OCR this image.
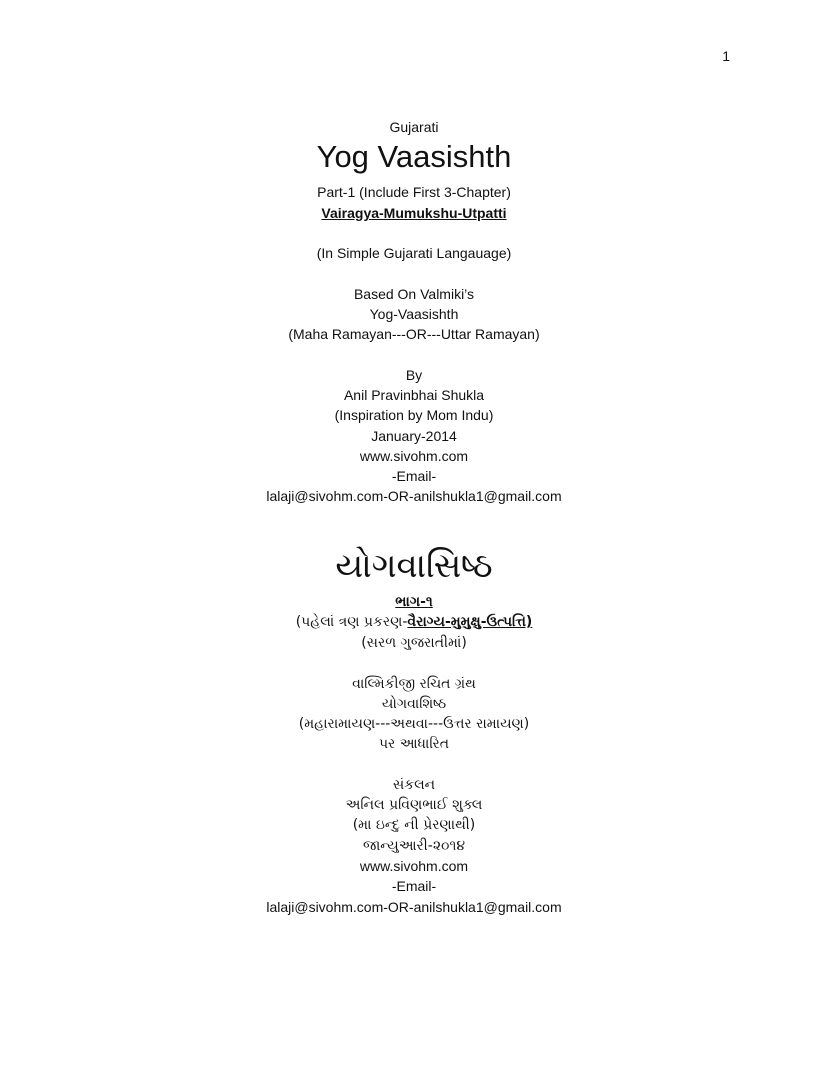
1
Gujarati
Yog Vaasishth
Part-1 (Include First 3-Chapter)
Vairagya-Mumukshu-Utpatti
(In Simple Gujarati Langauage)
Based On Valmiki’s
Yog-Vaasishth
(Maha Ramayan---OR---Uttar Ramayan)
By
Anil Pravinbhai Shukla
(Inspiration by Mom Indu)
January-2014
www.sivohm.com
-Email-
lalaji@sivohm.com-OR-anilshukla1@gmail.com
યોગવાસિષ્ઠ
ભાગ-૧
(પહેલાં ત્રણ પ્રકરણ-વૈરાગ્ય-મુમુક્ષુ-ઉત્પત્તિ)
(સરળ ગુજરાતીમાં)
વાલ્મિકીજી રચિત ગ્રંથ
યોગવાશિષ્ઠ
(મહારામાયણ---અથવા---ઉત્તર રામાયણ)
પર આધારિત
સંકલન
અનિલ પ્રવિણભાઈ શુક્લ
(મા ઇન્દુ ની પ્રેરણાથી)
જાન્યુઆરી-૨૦૧૪
www.sivohm.com
-Email-
lalaji@sivohm.com-OR-anilshukla1@gmail.com
